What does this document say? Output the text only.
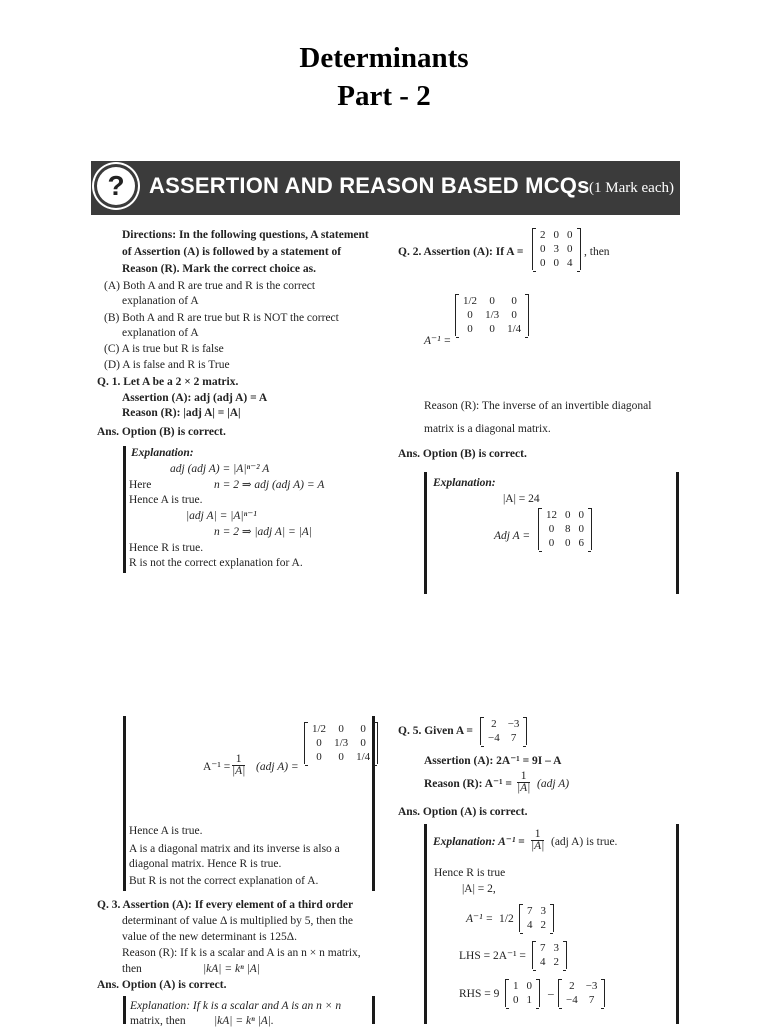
Determinants
Part - 2
?	ASSERTION AND REASON BASED MCQs (1 Mark each)
Directions: In the following questions, A statement
of Assertion (A) is followed by a statement of
Reason (R). Mark the correct choice as.
(A) Both A and R are true and R is the correct
explanation of A
(B) Both A and R are true but R is NOT the correct
explanation of A
(C) A is true but R is false
(D) A is false and R is True
Q. 1. Let A be a 2 × 2 matrix.
Assertion (A): adj (adj A) = A
Reason (R): |adj A| = |A|
Ans. Option (B) is correct.
Explanation:
adj (adj A) = |A|ⁿ⁻² A
Here	n = 2 ⇒ adj (adj A) = A
Hence A is true.
|adj A| = |A|ⁿ⁻¹
n = 2 ⇒ |adj A| = |A|
Hence R is true.
R is not the correct explanation for A.
Q. 2. Assertion (A): If A =
2	0	0
0	3	0
0	0	4
, then
A⁻¹ =
1/2	0	0
0	1/3	0
0	0	1/4
Reason (R): The inverse of an invertible diagonal
matrix is a diagonal matrix.
Ans. Option (B) is correct.
Explanation:
|A| = 24
Adj A =
12	0	0
0	8	0
0	0	6
$A^{-1} = \frac{1}{|A|} (adj$ A) =
1/2	0	0
0	1/3	0
0	0	1/4
Hence A is true.
A is a diagonal matrix and its inverse is also a
diagonal matrix. Hence R is true.
But R is not the correct explanation of A.
Q. 3. Assertion (A): If every element of a third order
determinant of value Δ is multiplied by 5, then the
value of the new determinant is 125Δ.
Reason (R): If k is a scalar and A is an n × n matrix,
then	|kA| = kⁿ |A|
Ans. Option (A) is correct.
Explanation: If k is a scalar and A is an n × n
matrix, then |kA| = kⁿ |A|.
Q. 5. Given A =
2	−3
−4	7
Assertion (A): 2A⁻¹ = 9I – A
Reason (R): $A^{-1} = \frac{1}{|A|} (adj$ A)
Ans. Option (A) is correct.
Explanation: $A^{-1} = \frac{1}{|A|} (adj$ A) is true.
Hence R is true
|A| = 2,
A⁻¹ = 1/2
7	3
4	2
LHS = 2A⁻¹ =
7	3
4	2
RHS = 9
1	0
0	1 –
2	−3
−4	7
